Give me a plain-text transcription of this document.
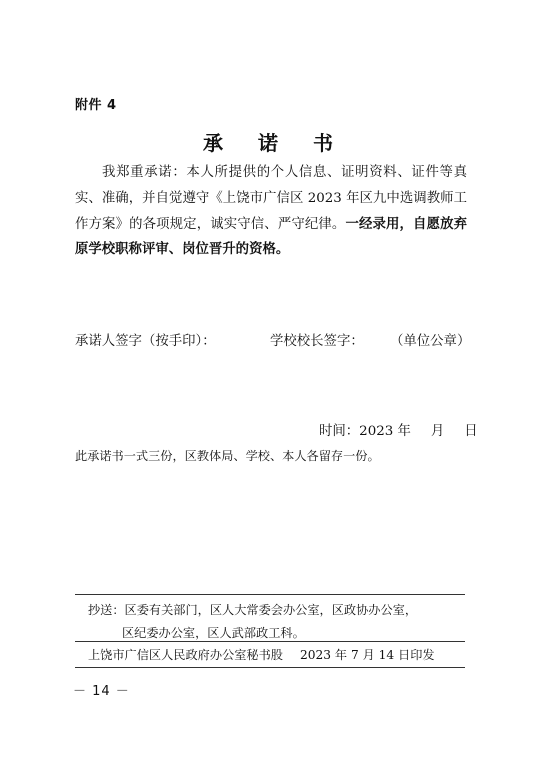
附件 4
承 诺 书

我郑重承诺：本人所提供的个人信息、证明资料、证件等真实、准确，并自觉遵守《上饶市广信区 2023 年区九中选调教师工作方案》的各项规定，诚实守信、严守纪律。一经录用，自愿放弃原学校职称评审、岗位晋升的资格。

承诺人签字（按手印）：	学校校长签字： （单位公章）
时间：2023 年 月 日
此承诺书一式三份，区教体局、学校、本人各留存一份。
抄送：区委有关部门，区人大常委会办公室，区政协办公室，
区纪委办公室，区人武部政工科。
上饶市广信区人民政府办公室秘书股 2023 年 7 月 14 日印发
－ 14 －
